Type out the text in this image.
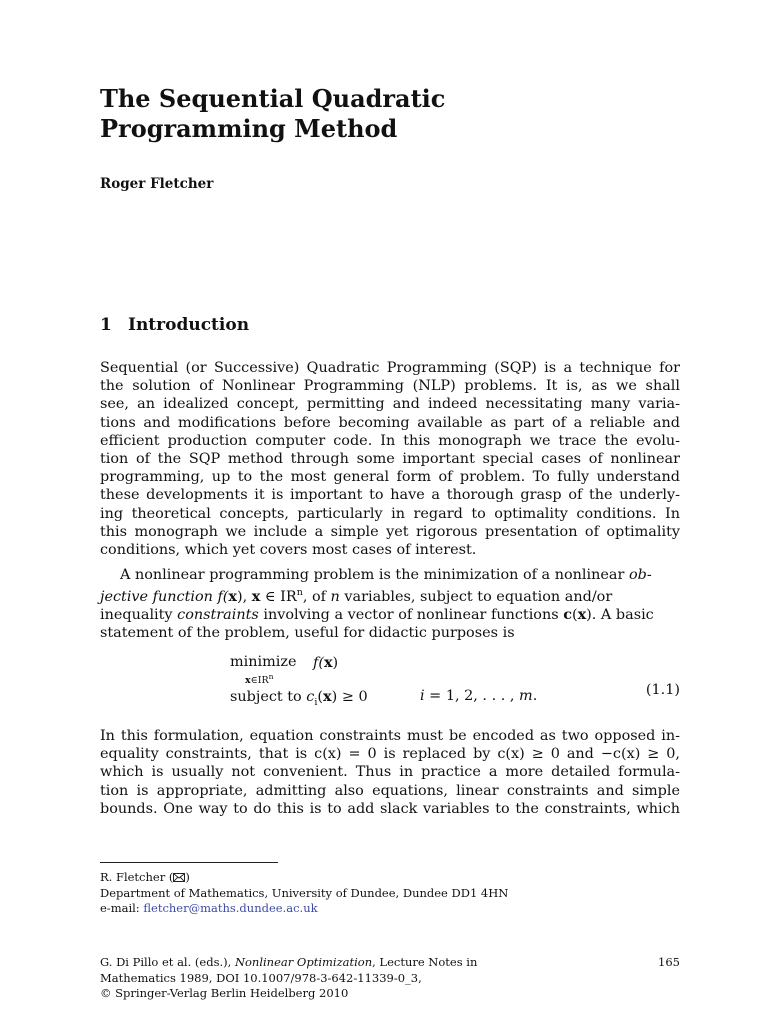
The Sequential Quadratic
Programming Method
Roger Fletcher
1 Introduction
Sequential (or Successive) Quadratic Programming (SQP) is a technique for
the solution of Nonlinear Programming (NLP) problems. It is, as we shall
see, an idealized concept, permitting and indeed necessitating many varia-
tions and modifications before becoming available as part of a reliable and
efficient production computer code. In this monograph we trace the evolu-
tion of the SQP method through some important special cases of nonlinear
programming, up to the most general form of problem. To fully understand
these developments it is important to have a thorough grasp of the underly-
ing theoretical concepts, particularly in regard to optimality conditions. In
this monograph we include a simple yet rigorous presentation of optimality
conditions, which yet covers most cases of interest.
A nonlinear programming problem is the minimization of a nonlinear ob-
jective function f(x), x ∈ $IR^n$, of n variables, subject to equation and/or
inequality constraints involving a vector of nonlinear functions c(x). A basic
statement of the problem, useful for didactic purposes is
minimize
$x\in IR^n$
f(x)
subject to $c_i(x) \ge 0$	i = 1, 2, . . . , m.	(1.1)
In this formulation, equation constraints must be encoded as two opposed in-
equality constraints, that is c(x) = 0 is replaced by c(x) ≥ 0 and −c(x) ≥ 0,
which is usually not convenient. Thus in practice a more detailed formula-
tion is appropriate, admitting also equations, linear constraints and simple
bounds. One way to do this is to add slack variables to the constraints, which
R. Fletcher ( )
Department of Mathematics, University of Dundee, Dundee DD1 4HN
e-mail: fletcher@maths.dundee.ac.uk
G. Di Pillo et al. (eds.), Nonlinear Optimization, Lecture Notes in
Mathematics 1989, DOI 10.1007/978-3-642-11339-0_3,
© Springer-Verlag Berlin Heidelberg 2010
165
